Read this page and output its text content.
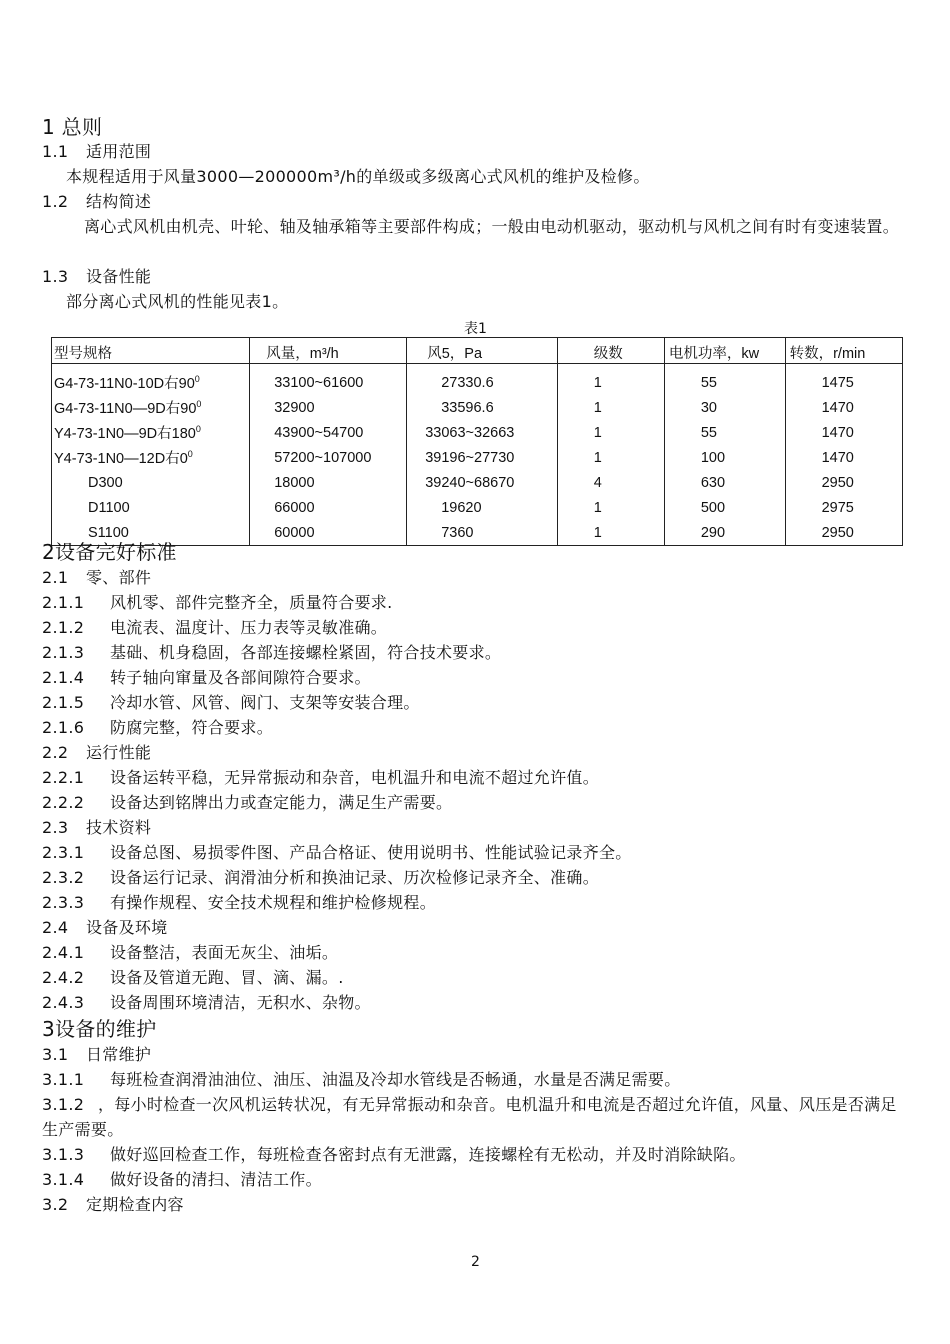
1 总则
1.1 适用范围
本规程适用于风量3000—200000m³/h的单级或多级离心式风机的维护及检修。
1.2 结构简述
离心式风机由机壳、叶轮、轴及轴承箱等主要部件构成；一般由电动机驱动，驱动机与风机之间有时有变速装置。
1.3 设备性能
部分离心式风机的性能见表1。
表1
型号规格	风量，m³/h	风5，Pa	级数	电机功率，kw	转数，r/min
G4-73-11N0-10D右$90^0$	33100~61600	27330.6	1	55	1475
G4-73-11N0—9D右$90^0$	32900	33596.6	1	30	1470
Y4-73-1N0—9D右$180^0$	43900~54700	33063~32663	1	55	1470
Y4-73-1N0—12D右$0^0$	57200~107000	39196~27730	1	100	1470
D300	18000	39240~68670	4	630	2950
D1100	66000	19620	1	500	2975
S1100	60000	7360	1	290	2950
2设备完好标准
2.1 零、部件
2.1.1 风机零、部件完整齐全，质量符合要求.
2.1.2 电流表、温度计、压力表等灵敏准确。
2.1.3 基础、机身稳固，各部连接螺栓紧固，符合技术要求。
2.1.4 转子轴向窜量及各部间隙符合要求。
2.1.5 冷却水管、风管、阀门、支架等安装合理。
2.1.6 防腐完整，符合要求。
2.2 运行性能
2.2.1 设备运转平稳，无异常振动和杂音，电机温升和电流不超过允许值。
2.2.2 设备达到铭牌出力或查定能力，满足生产需要。
2.3 技术资料
2.3.1 设备总图、易损零件图、产品合格证、使用说明书、性能试验记录齐全。
2.3.2 设备运行记录、润滑油分析和换油记录、历次检修记录齐全、准确。
2.3.3 有操作规程、安全技术规程和维护检修规程。
2.4 设备及环境
2.4.1 设备整洁，表面无灰尘、油垢。
2.4.2 设备及管道无跑、冒、滴、漏。.
2.4.3 设备周围环境清洁，无积水、杂物。
3设备的维护
3.1 日常维护
3.1.1 每班检查润滑油油位、油压、油温及冷却水管线是否畅通，水量是否满足需要。
3.1.2 ，每小时检查一次风机运转状况，有无异常振动和杂音。电机温升和电流是否超过允许值，风量、风压是否满足生产需要。
3.1.3 做好巡回检查工作，每班检查各密封点有无泄露，连接螺栓有无松动，并及时消除缺陷。
3.1.4 做好设备的清扫、清洁工作。
3.2 定期检查内容
2
